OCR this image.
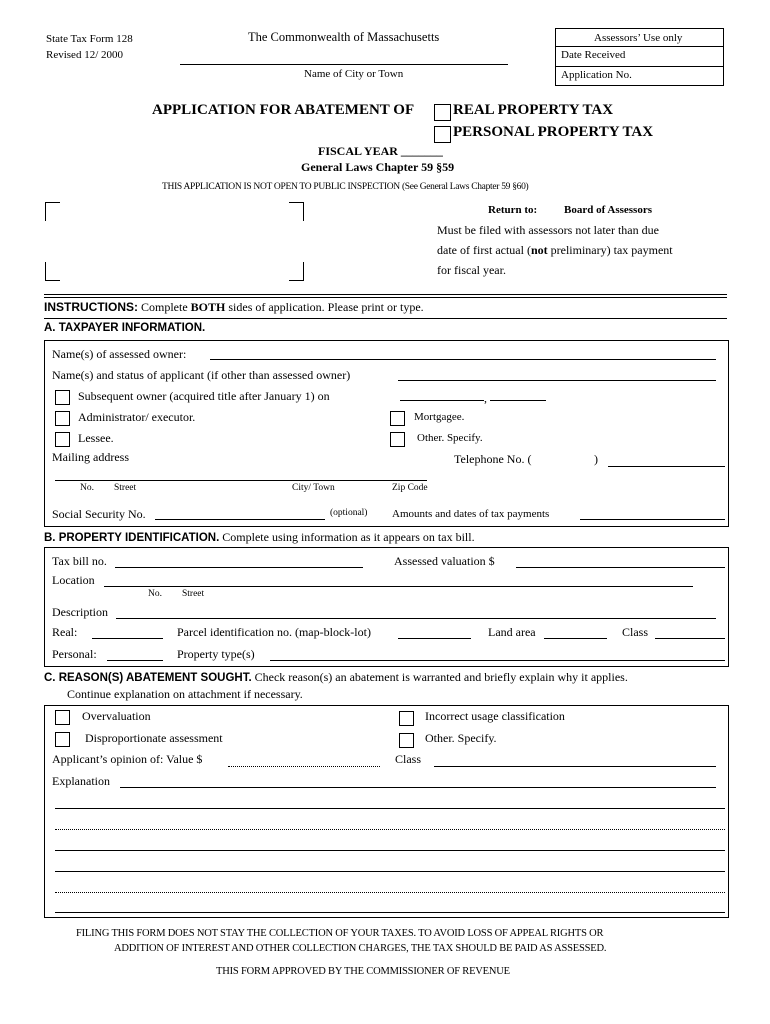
State Tax Form 128
Revised 12/ 2000
The Commonwealth of Massachusetts
Name of City or Town
Assessors’ Use only
Date Received
Application No.
APPLICATION FOR ABATEMENT OF	REAL PROPERTY TAX
PERSONAL PROPERTY TAX
FISCAL YEAR _______
General Laws Chapter 59 §59
THIS APPLICATION IS NOT OPEN TO PUBLIC INSPECTION (See General Laws Chapter 59 §60)
Return to: Board of Assessors
Must be filed with assessors not later than due
date of first actual (not preliminary) tax payment
for fiscal year.
INSTRUCTIONS: Complete BOTH sides of application. Please print or type.
A. TAXPAYER INFORMATION.
Name(s) of assessed owner:
Name(s) and status of applicant (if other than assessed owner)
Subsequent owner (acquired title after January 1) on	,
Administrator/ executor.	Mortgagee.
Lessee.	Other. Specify.
Mailing address	Telephone No. (	)
No. Street	City/ Town	Zip Code
Social Security No.	(optional) Amounts and dates of tax payments
B. PROPERTY IDENTIFICATION. Complete using information as it appears on tax bill.
Tax bill no.	Assessed valuation $
Location
No. Street
Description
Real:	Parcel identification no. (map-block-lot)	Land area	Class
Personal:	Property type(s)
C. REASON(S) ABATEMENT SOUGHT. Check reason(s) an abatement is warranted and briefly explain why it applies.
Continue explanation on attachment if necessary.
Overvaluation	Incorrect usage classification
Disproportionate assessment	Other. Specify.
Applicant’s opinion of: Value $	Class
Explanation
FILING THIS FORM DOES NOT STAY THE COLLECTION OF YOUR TAXES. TO AVOID LOSS OF APPEAL RIGHTS OR
ADDITION OF INTEREST AND OTHER COLLECTION CHARGES, THE TAX SHOULD BE PAID AS ASSESSED.
THIS FORM APPROVED BY THE COMMISSIONER OF REVENUE
